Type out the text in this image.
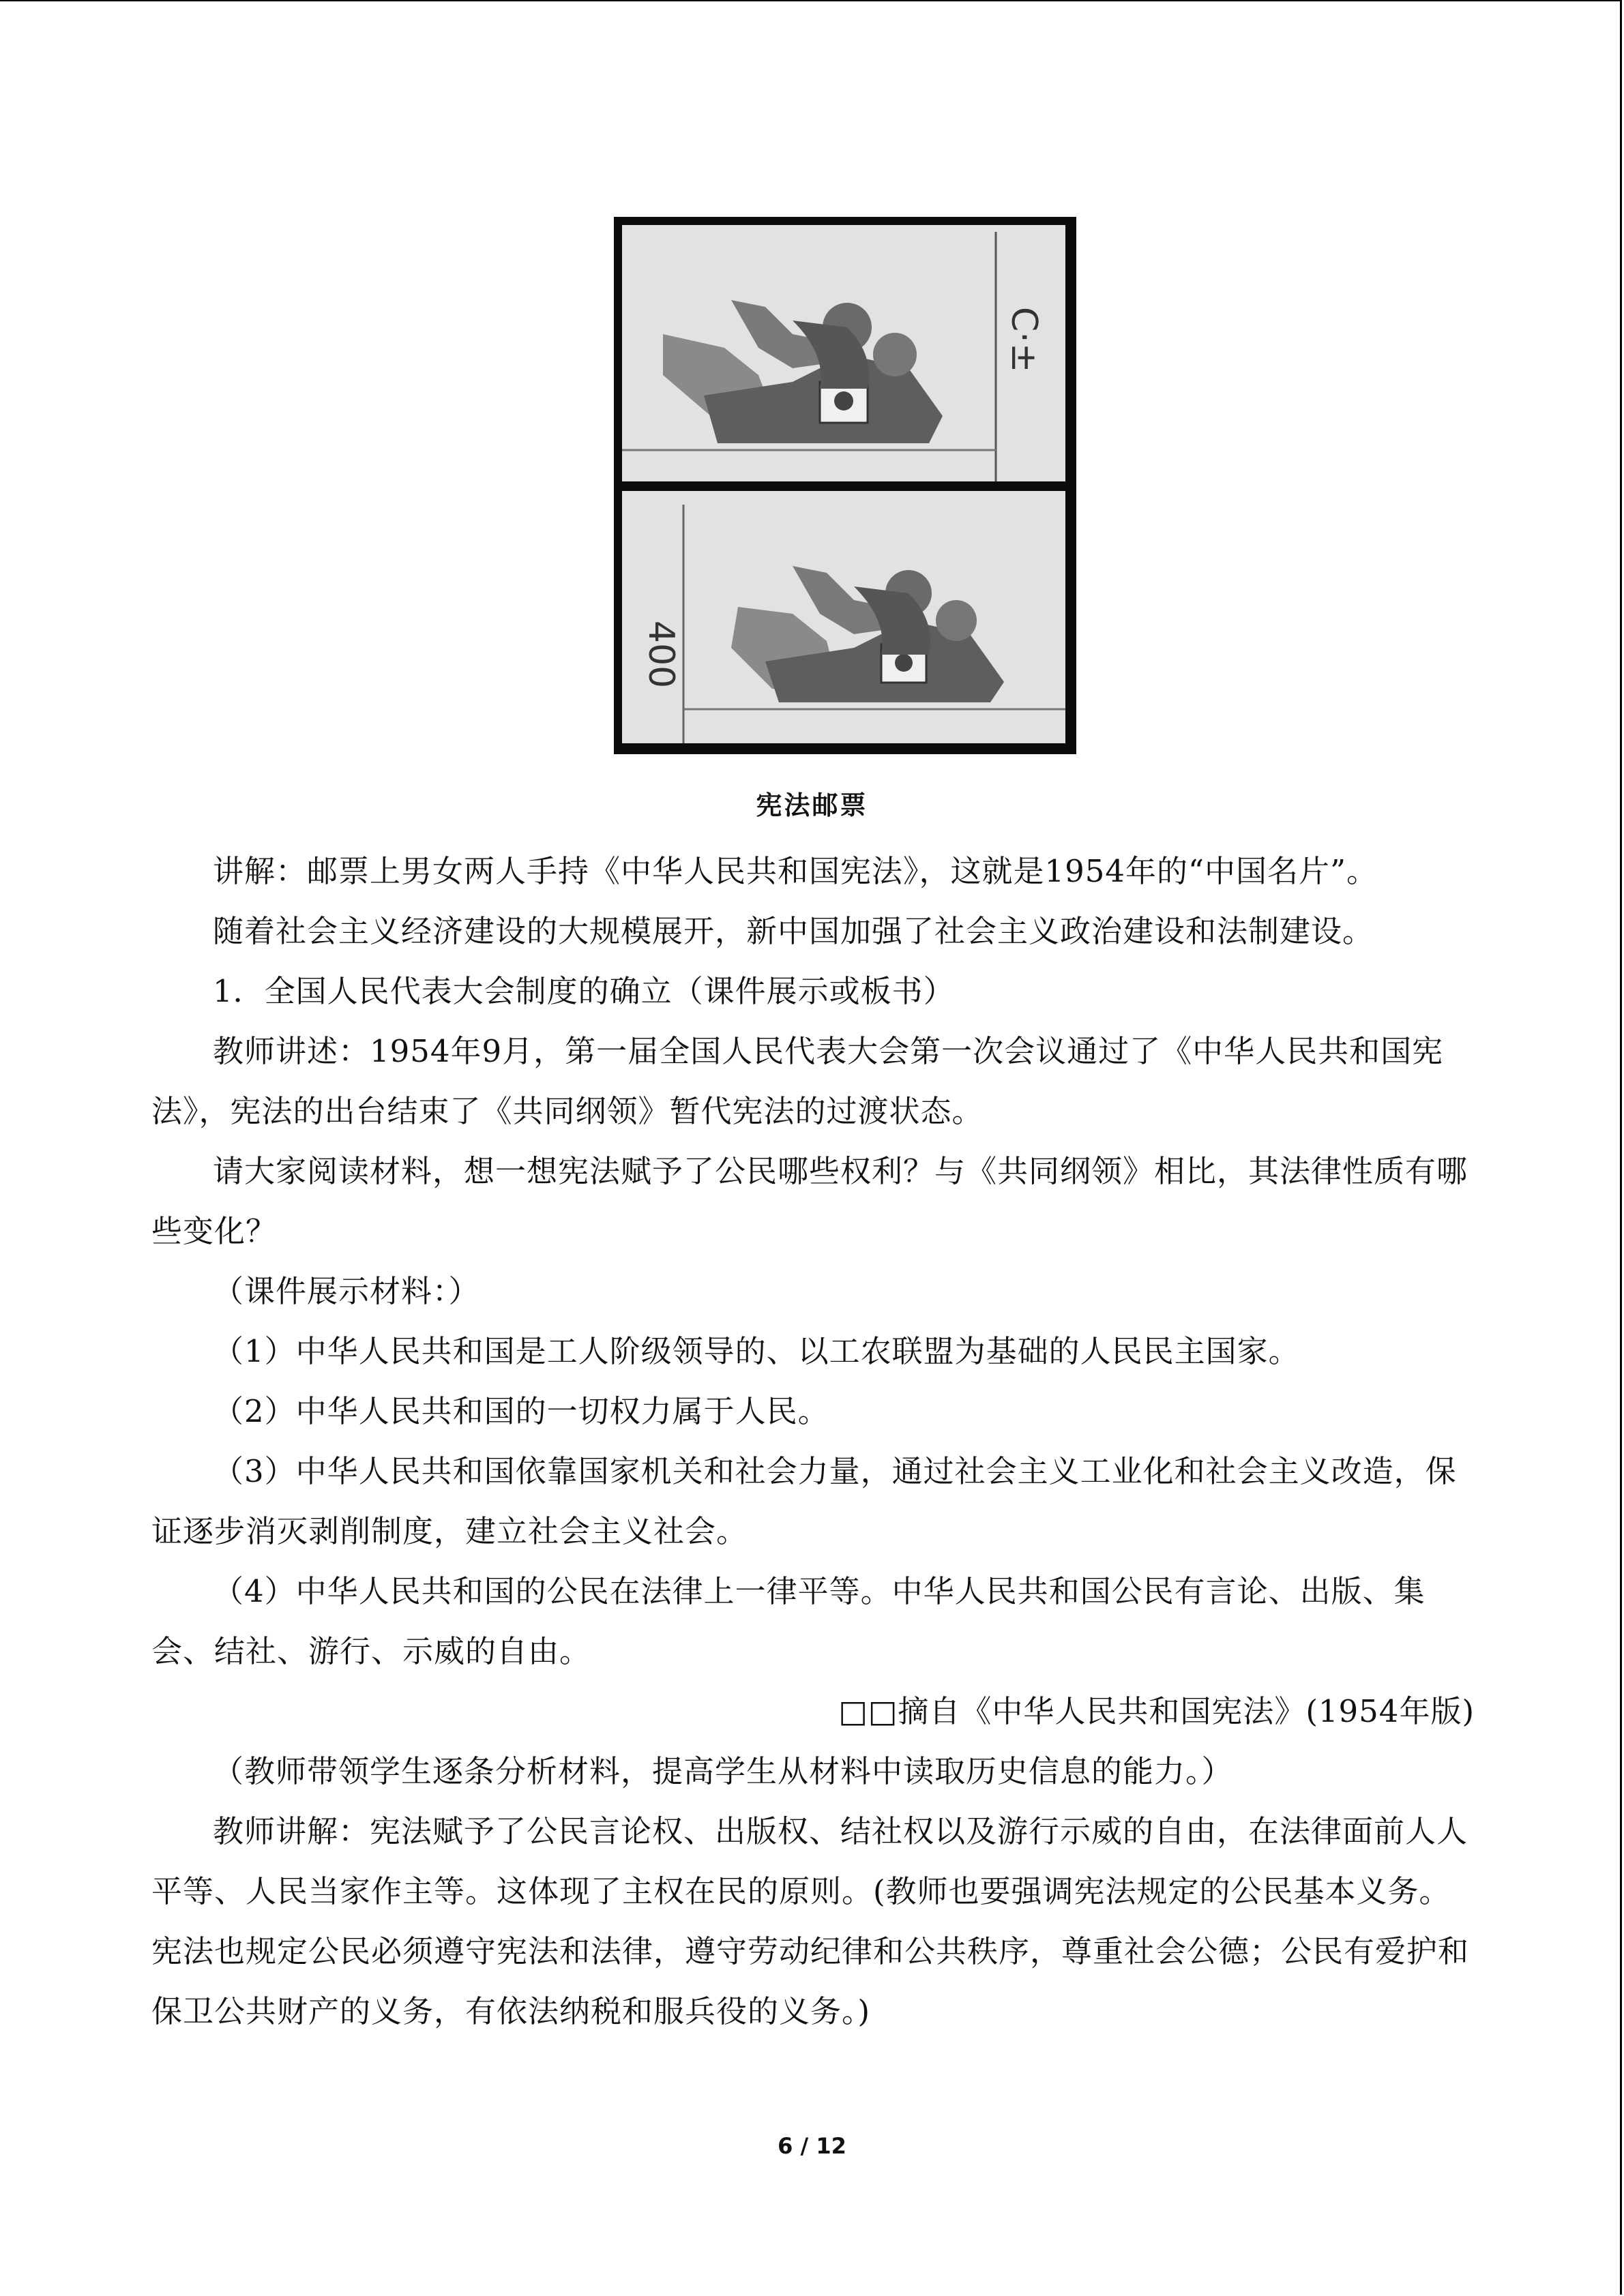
C·±
400
宪法邮票

讲解：邮票上男女两人手持《中华人民共和国宪法》，这就是1954年的“中国名片”。

随着社会主义经济建设的大规模展开，新中国加强了社会主义政治建设和法制建设。

1．全国人民代表大会制度的确立（课件展示或板书）

教师讲述：1954年9月，第一届全国人民代表大会第一次会议通过了《中华人民共和国宪法》，宪法的出台结束了《共同纲领》暂代宪法的过渡状态。

请大家阅读材料，想一想宪法赋予了公民哪些权利？与《共同纲领》相比，其法律性质有哪些变化？

（课件展示材料：）

（1）中华人民共和国是工人阶级领导的、以工农联盟为基础的人民民主国家。

（2）中华人民共和国的一切权力属于人民。

（3）中华人民共和国依靠国家机关和社会力量，通过社会主义工业化和社会主义改造，保证逐步消灭剥削制度，建立社会主义社会。

（4）中华人民共和国的公民在法律上一律平等。中华人民共和国公民有言论、出版、集会、结社、游行、示威的自由。

□□摘自《中华人民共和国宪法》(1954年版)

（教师带领学生逐条分析材料，提高学生从材料中读取历史信息的能力。）

教师讲解：宪法赋予了公民言论权、出版权、结社权以及游行示威的自由，在法律面前人人平等、人民当家作主等。这体现了主权在民的原则。(教师也要强调宪法规定的公民基本义务。宪法也规定公民必须遵守宪法和法律，遵守劳动纪律和公共秩序，尊重社会公德；公民有爱护和保卫公共财产的义务，有依法纳税和服兵役的义务。)

6 / 12
